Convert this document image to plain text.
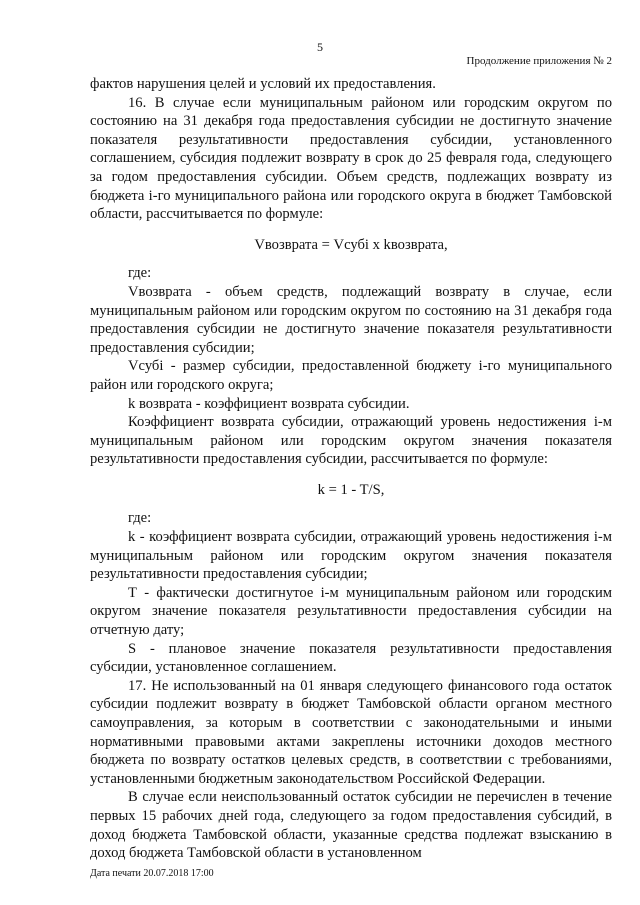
5
Продолжение приложения № 2

фактов нарушения целей и условий их предоставления.

16. В случае если муниципальным районом или городским округом по состоянию на 31 декабря года предоставления субсидии не достигнуто значение показателя результативности предоставления субсидии, установленного соглашением, субсидия подлежит возврату в срок до 25 февраля года, следующего за годом предоставления субсидии. Объем средств, подлежащих возврату из бюджета i-го муниципального района или городского округа в бюджет Тамбовской области, рассчитывается по формуле:

Vвозврата = Vсубi х kвозврата,

где:

Vвозврата - объем средств, подлежащий возврату в случае, если муниципальным районом или городским округом по состоянию на 31 декабря года предоставления субсидии не достигнуто значение показателя результативности предоставления субсидии;

Vсубi - размер субсидии, предоставленной бюджету i-го муниципального район или городского округа;

k возврата - коэффициент возврата субсидии.

Коэффициент возврата субсидии, отражающий уровень недостижения i-м муниципальным районом или городским округом значения показателя результативности предоставления субсидии, рассчитывается по формуле:

k = 1 - T/S,

где:

k - коэффициент возврата субсидии, отражающий уровень недостижения i-м муниципальным районом или городским округом значения показателя результативности предоставления субсидии;

Т - фактически достигнутое i-м муниципальным районом или городским округом значение показателя результативности предоставления субсидии на отчетную дату;

S - плановое значение показателя результативности предоставления субсидии, установленное соглашением.

17. Не использованный на 01 января следующего финансового года остаток субсидии подлежит возврату в бюджет Тамбовской области органом местного самоуправления, за которым в соответствии с законодательными и иными нормативными правовыми актами закреплены источники доходов местного бюджета по возврату остатков целевых средств, в соответствии с требованиями, установленными бюджетным законодательством Российской Федерации.

В случае если неиспользованный остаток субсидии не перечислен в течение первых 15 рабочих дней года, следующего за годом предоставления субсидий, в доход бюджета Тамбовской области, указанные средства подлежат взысканию в доход бюджета Тамбовской области в установленном

Дата печати 20.07.2018 17:00
